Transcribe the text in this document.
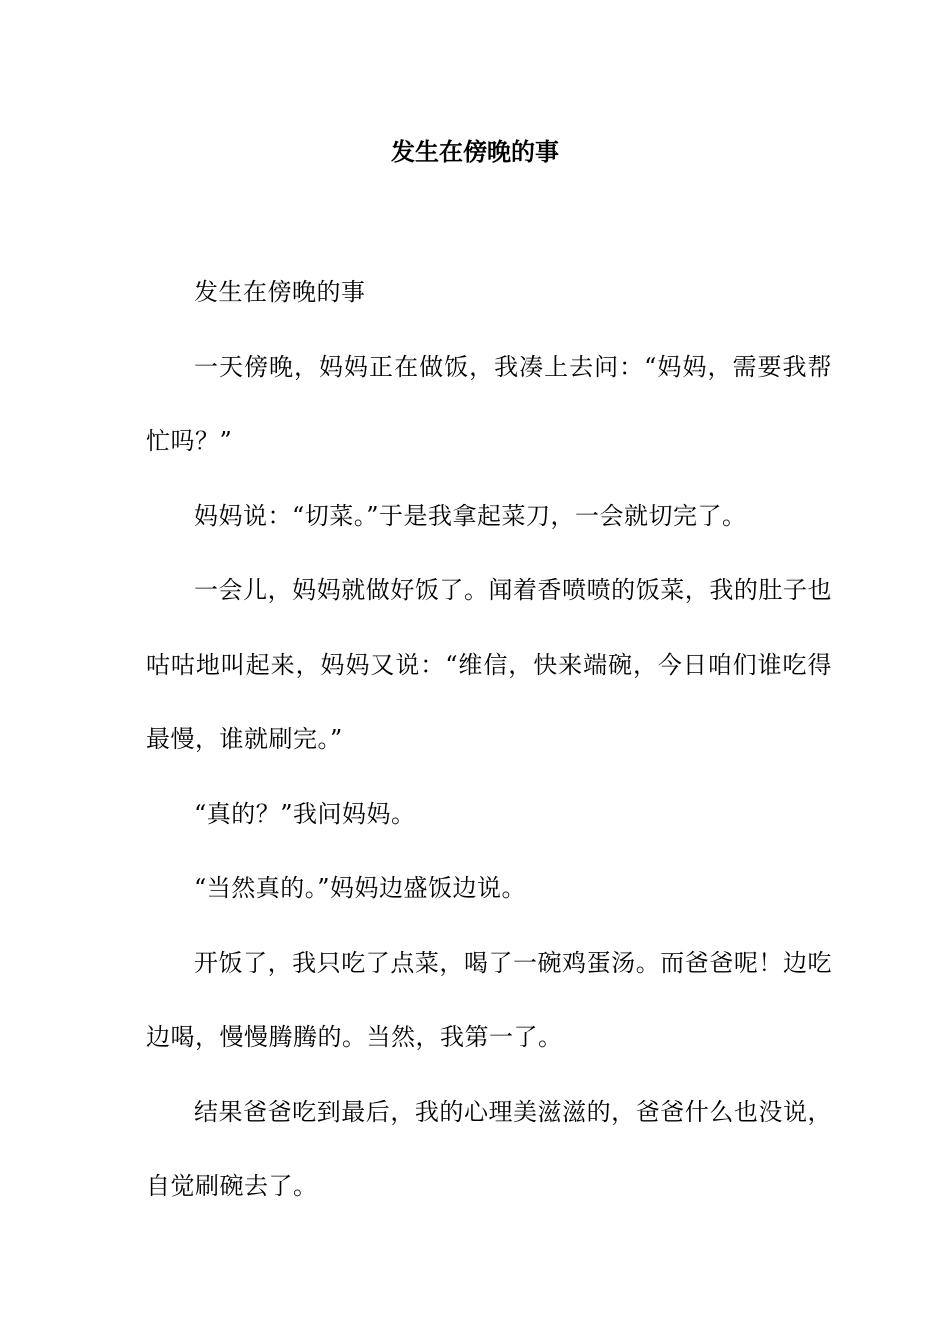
发生在傍晚的事

发生在傍晚的事

一天傍晚，妈妈正在做饭，我凑上去问：“妈妈，需要我帮忙吗？”

妈妈说：“切菜。”于是我拿起菜刀，一会就切完了。

一会儿，妈妈就做好饭了。闻着香喷喷的饭菜，我的肚子也咕咕地叫起来，妈妈又说：“维信，快来端碗，今日咱们谁吃得最慢，谁就刷完。”

“真的？”我问妈妈。

“当然真的。”妈妈边盛饭边说。

开饭了，我只吃了点菜，喝了一碗鸡蛋汤。而爸爸呢！边吃边喝，慢慢腾腾的。当然，我第一了。

结果爸爸吃到最后，我的心理美滋滋的，爸爸什么也没说，自觉刷碗去了。
